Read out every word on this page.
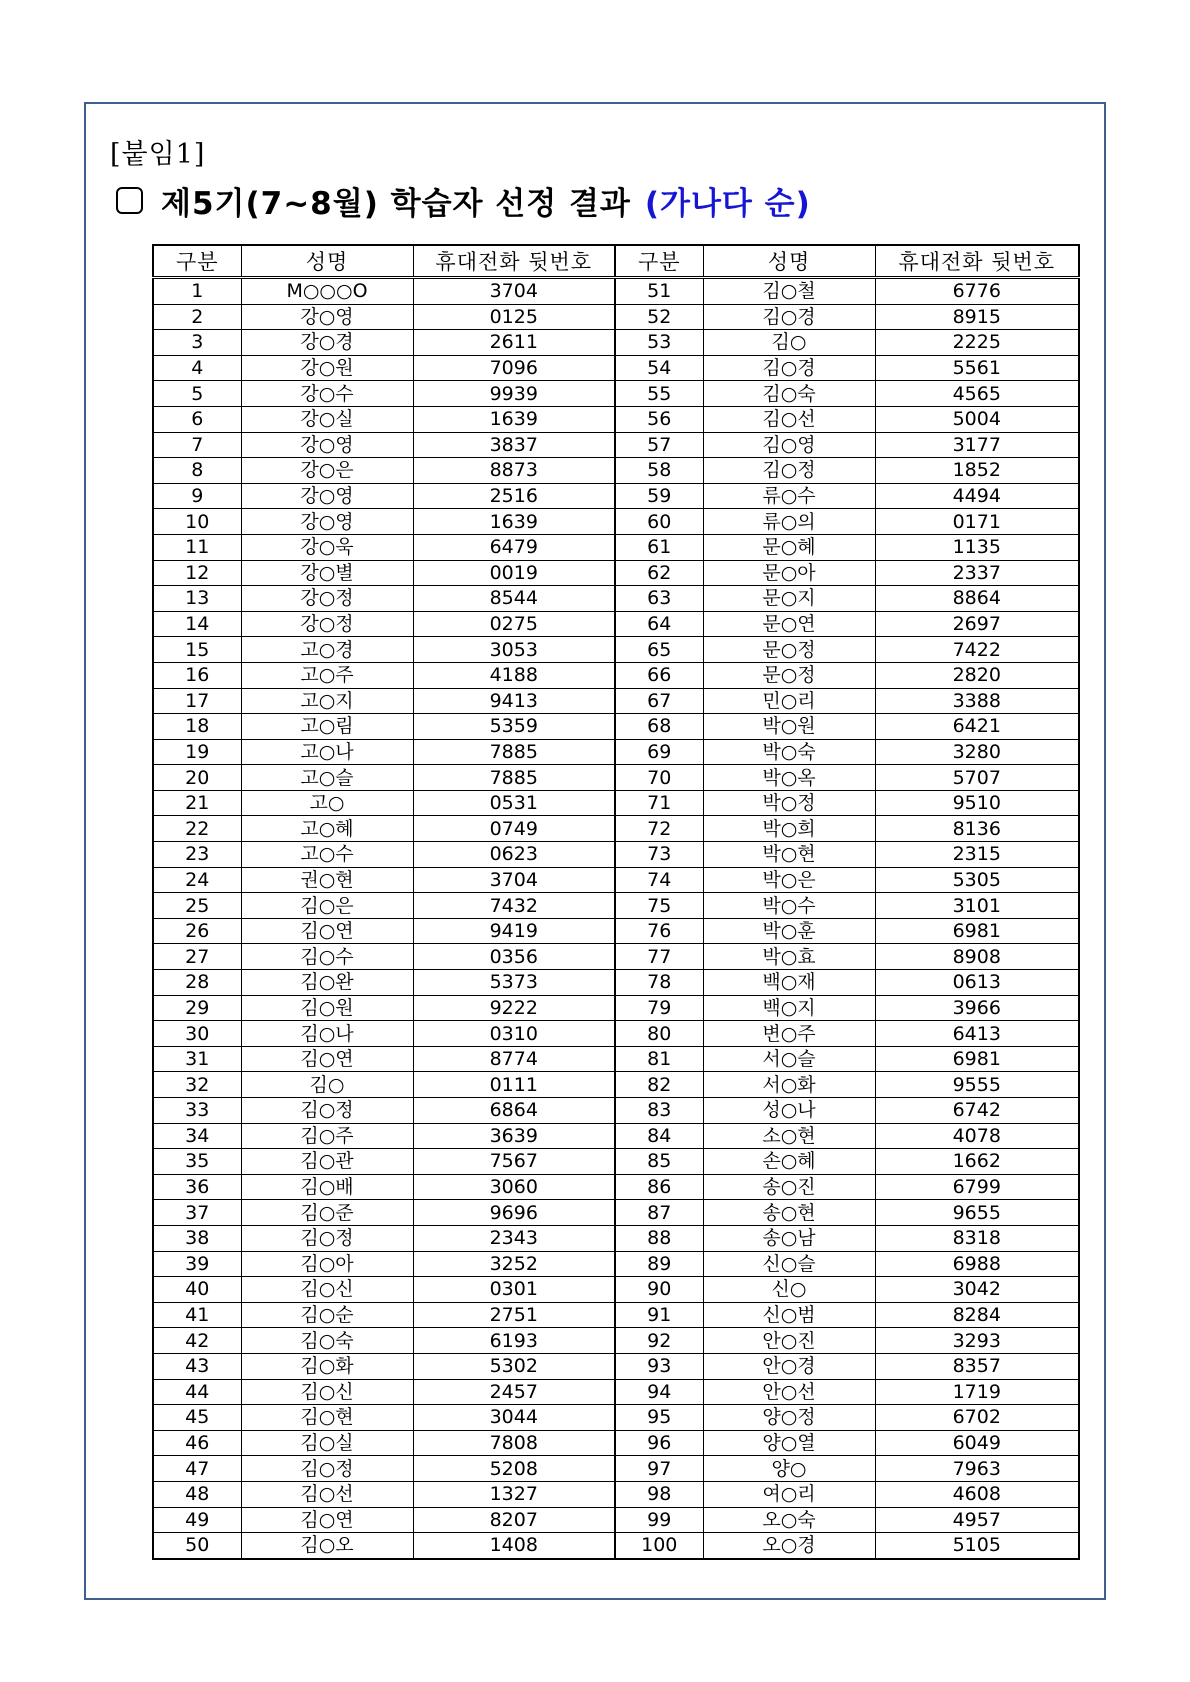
[붙임1]
제5기(7~8월) 학습자 선정 결과 (가나다 순)
구분	성명	휴대전화 뒷번호	구분	성명	휴대전화 뒷번호
1	M○○○O	3704	51	김○철	6776
2	강○영	0125	52	김○경	8915
3	강○경	2611	53	김○	2225
4	강○원	7096	54	김○경	5561
5	강○수	9939	55	김○숙	4565
6	강○실	1639	56	김○선	5004
7	강○영	3837	57	김○영	3177
8	강○은	8873	58	김○정	1852
9	강○영	2516	59	류○수	4494
10	강○영	1639	60	류○의	0171
11	강○욱	6479	61	문○혜	1135
12	강○별	0019	62	문○아	2337
13	강○정	8544	63	문○지	8864
14	강○정	0275	64	문○연	2697
15	고○경	3053	65	문○정	7422
16	고○주	4188	66	문○정	2820
17	고○지	9413	67	민○리	3388
18	고○림	5359	68	박○원	6421
19	고○나	7885	69	박○숙	3280
20	고○슬	7885	70	박○옥	5707
21	고○	0531	71	박○정	9510
22	고○혜	0749	72	박○희	8136
23	고○수	0623	73	박○현	2315
24	권○현	3704	74	박○은	5305
25	김○은	7432	75	박○수	3101
26	김○연	9419	76	박○훈	6981
27	김○수	0356	77	박○효	8908
28	김○완	5373	78	백○재	0613
29	김○원	9222	79	백○지	3966
30	김○나	0310	80	변○주	6413
31	김○연	8774	81	서○슬	6981
32	김○	0111	82	서○화	9555
33	김○정	6864	83	성○나	6742
34	김○주	3639	84	소○현	4078
35	김○관	7567	85	손○혜	1662
36	김○배	3060	86	송○진	6799
37	김○준	9696	87	송○현	9655
38	김○정	2343	88	송○남	8318
39	김○아	3252	89	신○슬	6988
40	김○신	0301	90	신○	3042
41	김○순	2751	91	신○범	8284
42	김○숙	6193	92	안○진	3293
43	김○화	5302	93	안○경	8357
44	김○신	2457	94	안○선	1719
45	김○현	3044	95	양○정	6702
46	김○실	7808	96	양○열	6049
47	김○정	5208	97	양○	7963
48	김○선	1327	98	여○리	4608
49	김○연	8207	99	오○숙	4957
50	김○오	1408	100	오○경	5105
